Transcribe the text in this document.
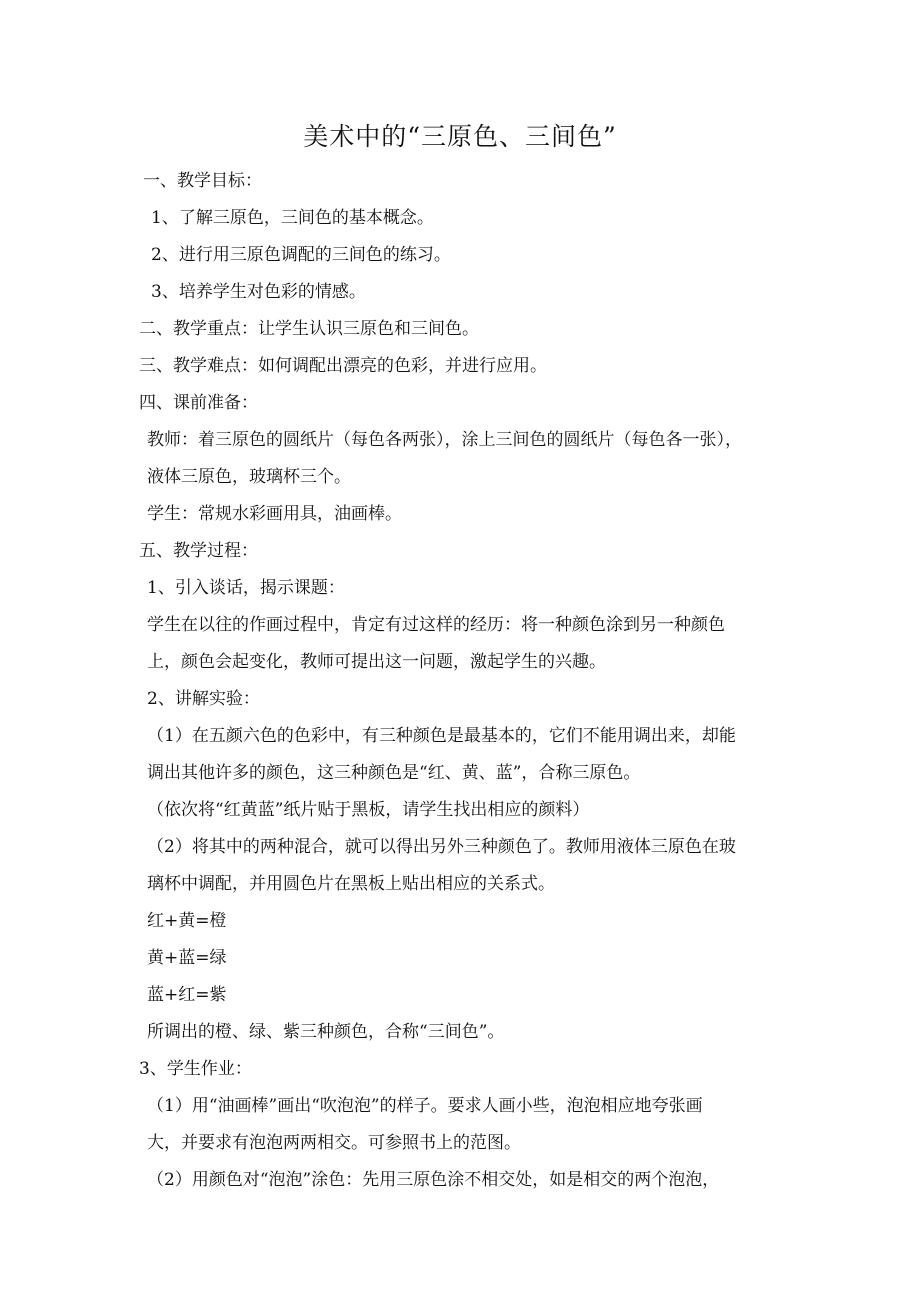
美术中的“三原色、三间色”
一、教学目标：
1、了解三原色，三间色的基本概念。
2、进行用三原色调配的三间色的练习。
3、培养学生对色彩的情感。
二、教学重点：让学生认识三原色和三间色。
三、教学难点：如何调配出漂亮的色彩，并进行应用。
四、课前准备：
教师：着三原色的圆纸片（每色各两张），涂上三间色的圆纸片（每色各一张），
液体三原色，玻璃杯三个。
学生：常规水彩画用具，油画棒。
五、教学过程：
1、引入谈话，揭示课题：
学生在以往的作画过程中，肯定有过这样的经历：将一种颜色涂到另一种颜色
上，颜色会起变化，教师可提出这一问题，激起学生的兴趣。
2、讲解实验：
（1）在五颜六色的色彩中，有三种颜色是最基本的，它们不能用调出来，却能
调出其他许多的颜色，这三种颜色是“红、黄、蓝”，合称三原色。
（依次将“红黄蓝”纸片贴于黑板，请学生找出相应的颜料）
（2）将其中的两种混合，就可以得出另外三种颜色了。教师用液体三原色在玻
璃杯中调配，并用圆色片在黑板上贴出相应的关系式。
红+黄=橙
黄+蓝=绿
蓝+红=紫
所调出的橙、绿、紫三种颜色，合称“三间色”。
3、学生作业：
（1）用“油画棒”画出“吹泡泡”的样子。要求人画小些，泡泡相应地夸张画
大，并要求有泡泡两两相交。可参照书上的范图。
（2）用颜色对“泡泡”涂色：先用三原色涂不相交处，如是相交的两个泡泡，
